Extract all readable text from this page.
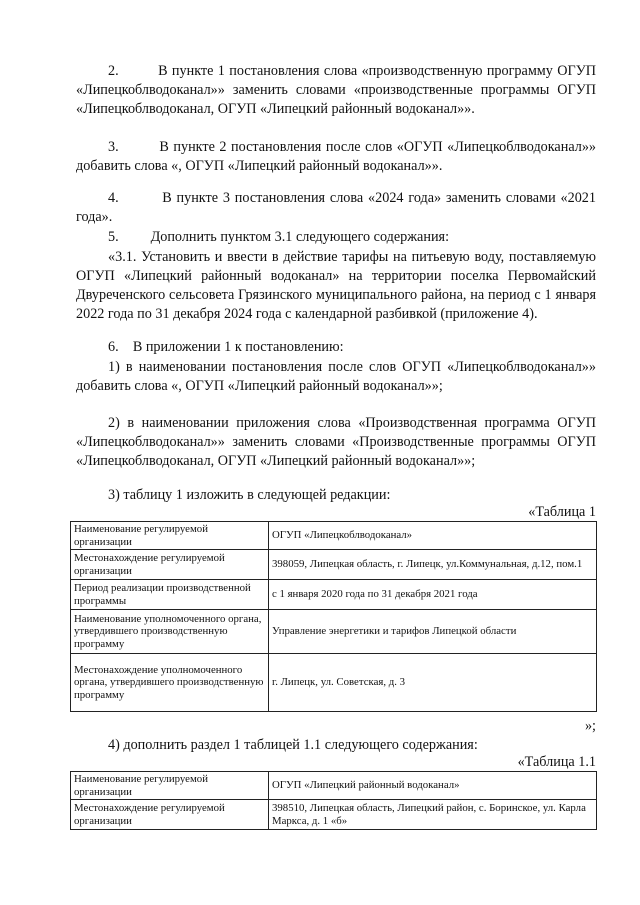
2.	В пункте 1 постановления слова «производственную программу ОГУП «Липецкоблводоканал»» заменить словами «производственные программы ОГУП «Липецкоблводоканал, ОГУП «Липецкий районный водоканал»».
3.	В пункте 2 постановления после слов «ОГУП «Липецкоблводоканал»» добавить слова «, ОГУП «Липецкий районный водоканал»».
4.	В пункте 3 постановления слова «2024 года» заменить словами «2021 года».
5. Дополнить пунктом 3.1 следующего содержания:
«3.1. Установить и ввести в действие тарифы на питьевую воду, поставляемую ОГУП «Липецкий районный водоканал» на территории поселка Первомайский Двуреченского сельсовета Грязинского муниципального района, на период с 1 января 2022 года по 31 декабря 2024 года с календарной разбивкой (приложение 4).
6. В приложении 1 к постановлению:
1) в наименовании постановления после слов ОГУП «Липецкоблводоканал»» добавить слова «, ОГУП «Липецкий районный водоканал»»;
2) в наименовании приложения слова «Производственная программа ОГУП «Липецкоблводоканал»» заменить словами «Производственные программы ОГУП «Липецкоблводоканал, ОГУП «Липецкий районный водоканал»»;
3) таблицу 1 изложить в следующей редакции:
«Таблица 1
Наименование регулируемой организации	ОГУП «Липецкоблводоканал»
Местонахождение регулируемой организации	398059, Липецкая область, г. Липецк, ул.Коммунальная, д.12, пом.1
Период реализации производственной программы	с 1 января 2020 года по 31 декабря 2021 года
Наименование уполномоченного органа, утвердившего производственную программу	Управление энергетики и тарифов Липецкой области
Местонахождение уполномоченного органа, утвердившего производственную программу	г. Липецк, ул. Советская, д. 3
»;
4) дополнить раздел 1 таблицей 1.1 следующего содержания:
«Таблица 1.1
Наименование регулируемой организации	ОГУП «Липецкий районный водоканал»
Местонахождение регулируемой организации	398510, Липецкая область, Липецкий район, с. Боринское, ул. Карла Маркса, д. 1 «б»
